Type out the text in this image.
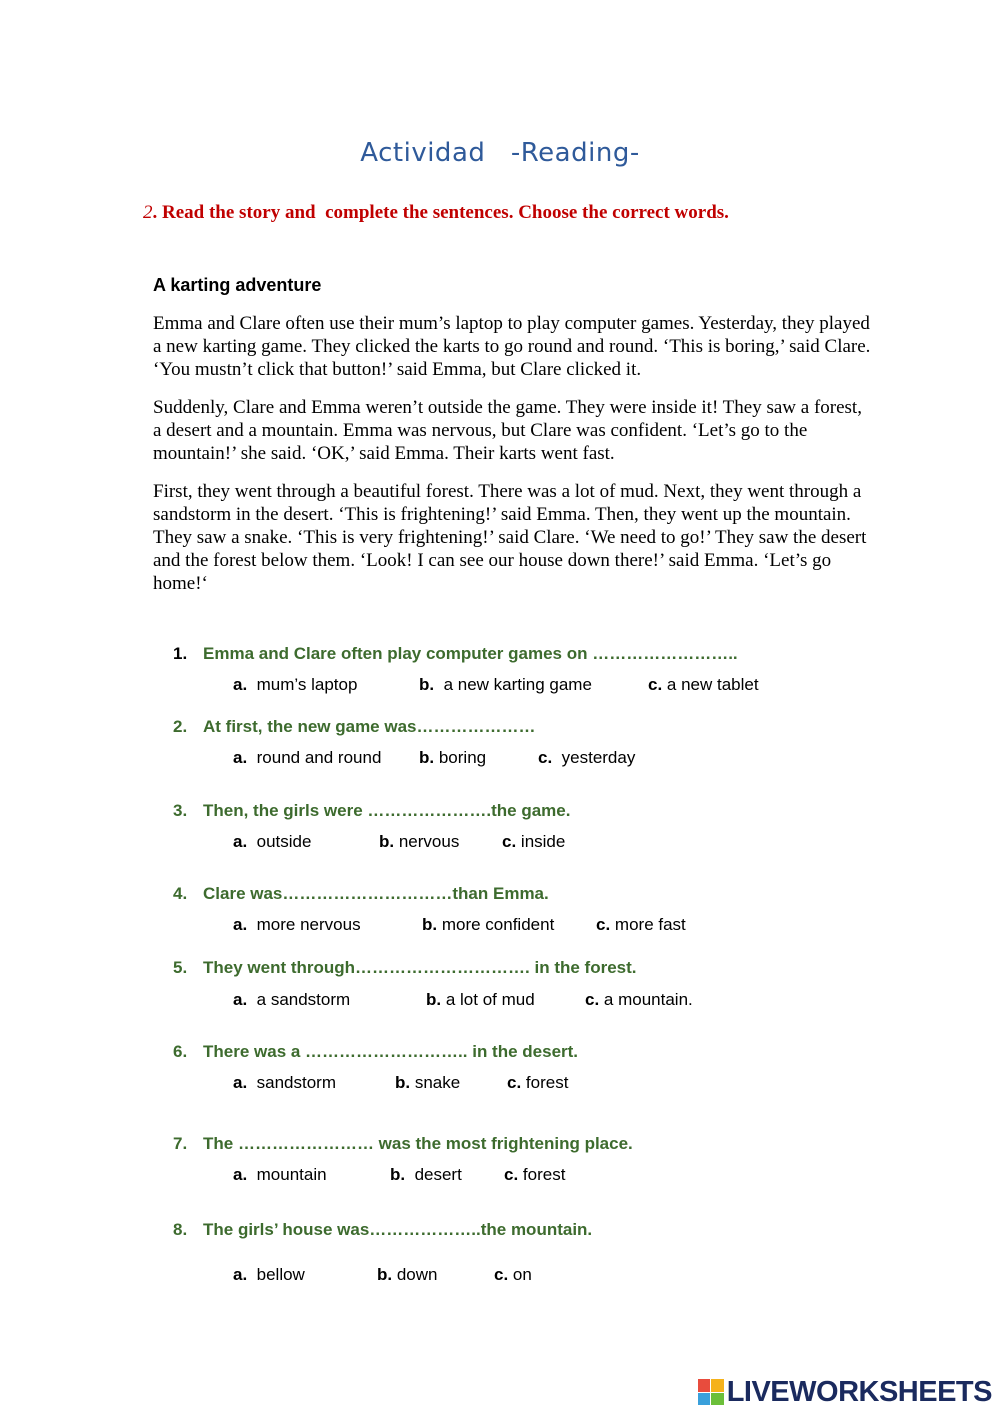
Actividad  -Reading-
2. Read the story and  complete the sentences. Choose the correct words.
A karting adventure
Emma and Clare often use their mum’s laptop to play computer games. Yesterday, they played a new karting game. They clicked the karts to go round and round. ‘This is boring,’ said Clare. ‘You mustn’t click that button!’ said Emma, but Clare clicked it.
Suddenly, Clare and Emma weren’t outside the game. They were inside it! They saw a forest, a desert and a mountain. Emma was nervous, but Clare was confident. ‘Let’s go to the mountain!’ she said. ‘OK,’ said Emma. Their karts went fast.
First, they went through a beautiful forest. There was a lot of mud. Next, they went through a sandstorm in the desert. ‘This is frightening!’ said Emma. Then, they went up the mountain. They saw a snake. ‘This is very frightening!’ said Clare. ‘We need to go!’ They saw the desert and the forest below them. ‘Look! I can see our house down there!’ said Emma. ‘Let’s go home!‘
1. Emma and Clare often play computer games on ……………………..
a. mum’s laptop	b. a new karting game	c. a new tablet
2. At first, the new game was…………………
a. round and round b. boring	c. yesterday
3. Then, the girls were ………………….the game.
a. outside	b. nervous	c. inside
4. Clare was…………………………than Emma.
a. more nervous	b. more confident c. more fast
5. They went through…………………………. in the forest.
a. a sandstorm	b. a lot of mud	c. a mountain.
6. There was a ……………………….. in the desert.
a. sandstorm	b. snake	c. forest
7. The …………………… was the most frightening place.
a. mountain	b. desert c. forest
8. The girls’ house was………………..the mountain.
a. bellow	b. down	c. on
LIVEWORKSHEETS
